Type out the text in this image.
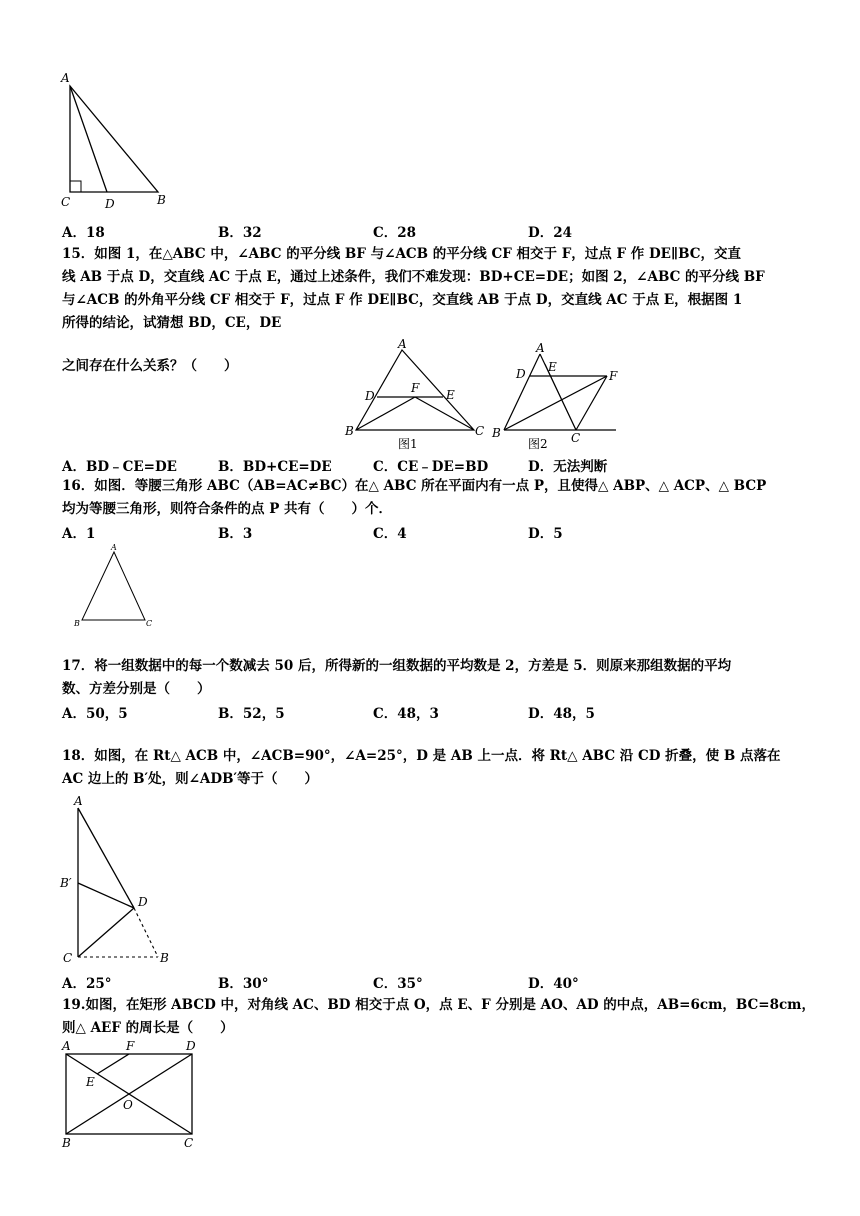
A
C	D	B
A．18	B．32	C．28	D．24
15．如图 1，在△ABC 中，∠ABC 的平分线 BF 与∠ACB 的平分线 CF 相交于 F，过点 F 作 DE∥BC，交直
线 AB 于点 D，交直线 AC 于点 E，通过上述条件，我们不难发现：BD+CE=DE；如图 2，∠ABC 的平分线 BF
与∠ACB 的外角平分线 CF 相交于 F，过点 F 作 DE∥BC，交直线 AB 于点 D，交直线 AC 于点 E，根据图 1
所得的结论，试猜想 BD，CE，DE
之间存在什么关系？（　　）
A
D
F E
B	C
图1
A
E
D	F
B	C
图2
A．BD﹣CE=DE	B．BD+CE=DE	C．CE﹣DE=BD	D．无法判断
16．如图．等腰三角形 ABC（AB=AC≠BC）在△ ABC 所在平面内有一点 P，且使得△ ABP、△ ACP、△ BCP
均为等腰三角形，则符合条件的点 P 共有（　　）个．
A．1	B．3	C．4	D．5
A
B	C
17．将一组数据中的每一个数减去 50 后，所得新的一组数据的平均数是 2，方差是 5．则原来那组数据的平均
数、方差分别是（　　）
A．50，5	B．52，5	C．48，3	D．48，5
18．如图，在 Rt△ ACB 中，∠ACB=90°，∠A=25°，D 是 AB 上一点．将 Rt△ ABC 沿 CD 折叠，使 B 点落在
AC 边上的 B′处，则∠ADB′等于（　　）
A
B′
D
C	B
A．25°	B．30°	C．35°	D．40°
19.如图，在矩形 ABCD 中，对角线 AC、BD 相交于点 O，点 E、F 分别是 AO、AD 的中点，AB=6cm，BC=8cm，
则△ AEF 的周长是（　　）
A	F	D
E
O
B	C
